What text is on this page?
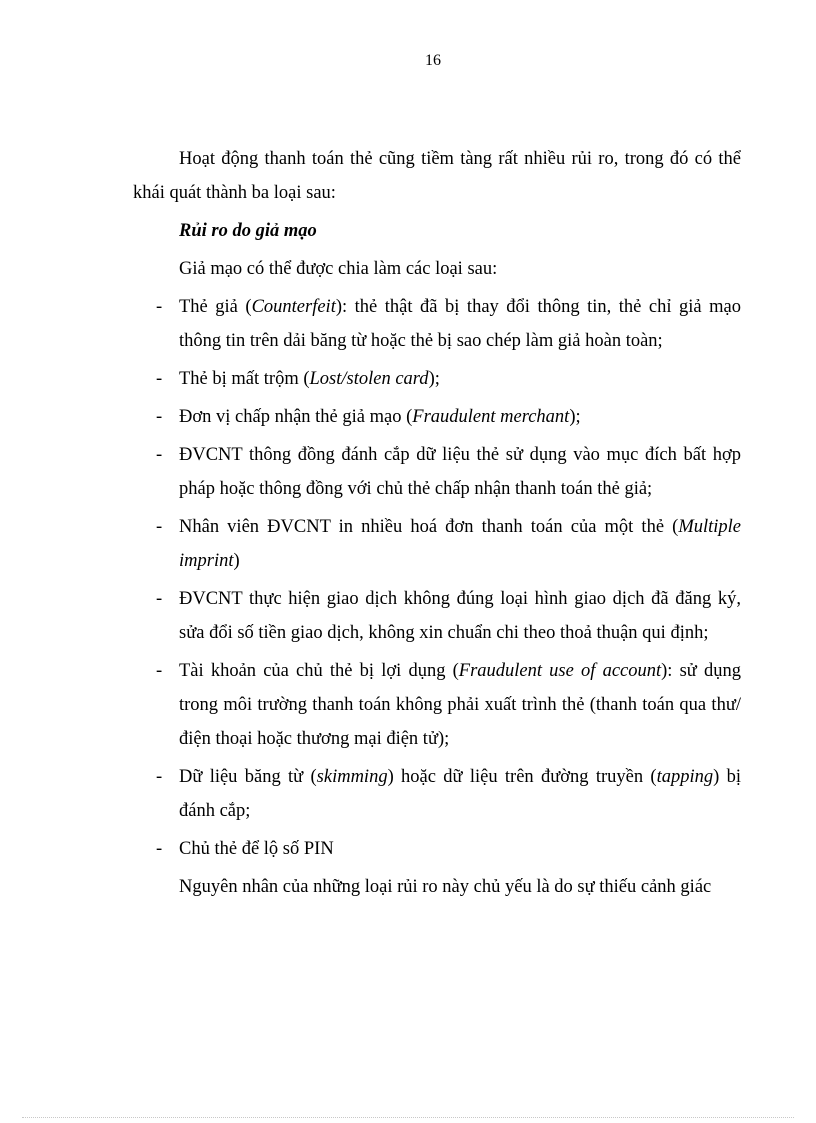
16

Hoạt động thanh toán thẻ cũng tiềm tàng rất nhiều rủi ro, trong đó có thể khái quát thành ba loại sau:

Rủi ro do giả mạo

Giả mạo có thể được chia làm các loại sau:

- Thẻ giả (Counterfeit): thẻ thật đã bị thay đổi thông tin, thẻ chỉ giả mạo thông tin trên dải băng từ hoặc thẻ bị sao chép làm giả hoàn toàn;
- Thẻ bị mất trộm (Lost/stolen card);
- Đơn vị chấp nhận thẻ giả mạo (Fraudulent merchant);
- ĐVCNT thông đồng đánh cắp dữ liệu thẻ sử dụng vào mục đích bất hợp pháp hoặc thông đồng với chủ thẻ chấp nhận thanh toán thẻ giả;
- Nhân viên ĐVCNT in nhiều hoá đơn thanh toán của một thẻ (Multiple imprint)
- ĐVCNT thực hiện giao dịch không đúng loại hình giao dịch đã đăng ký, sửa đổi số tiền giao dịch, không xin chuẩn chi theo thoả thuận qui định;
- Tài khoản của chủ thẻ bị lợi dụng (Fraudulent use of account): sử dụng trong môi trường thanh toán không phải xuất trình thẻ (thanh toán qua thư/điện thoại hoặc thương mại điện tử);
- Dữ liệu băng từ (skimming) hoặc dữ liệu trên đường truyền (tapping) bị đánh cắp;
- Chủ thẻ để lộ số PIN

Nguyên nhân của những loại rủi ro này chủ yếu là do sự thiếu cảnh giác
